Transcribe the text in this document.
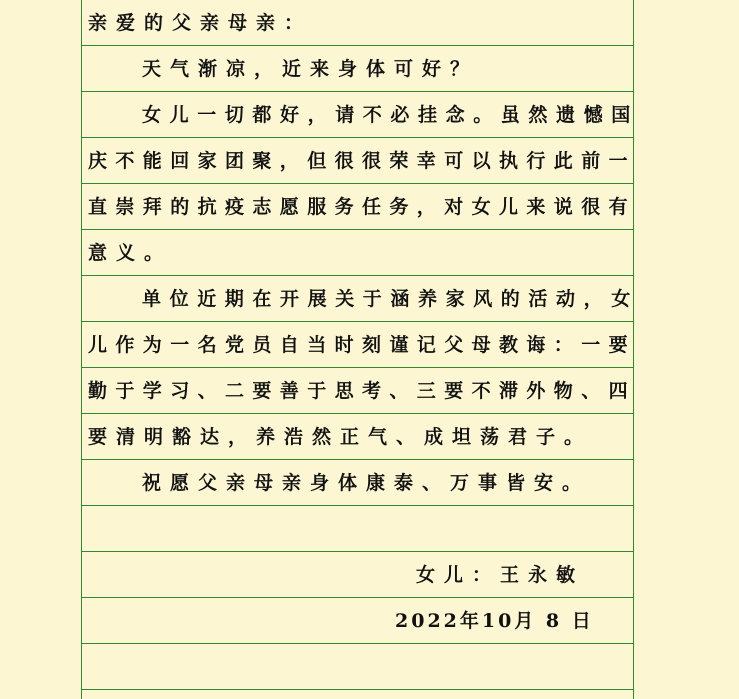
亲爱的父亲母亲：
天气渐凉，近来身体可好？
女儿一切都好，请不必挂念。虽然遗憾国
庆不能回家团聚，但很很荣幸可以执行此前一
直崇拜的抗疫志愿服务任务，对女儿来说很有
意义。
单位近期在开展关于涵养家风的活动，女
儿作为一名党员自当时刻谨记父母教诲：一要
勤于学习、二要善于思考、三要不滞外物、四
要清明豁达，养浩然正气、成坦荡君子。
祝愿父亲母亲身体康泰、万事皆安。
女儿：王永敏
2022年10月 8 日
